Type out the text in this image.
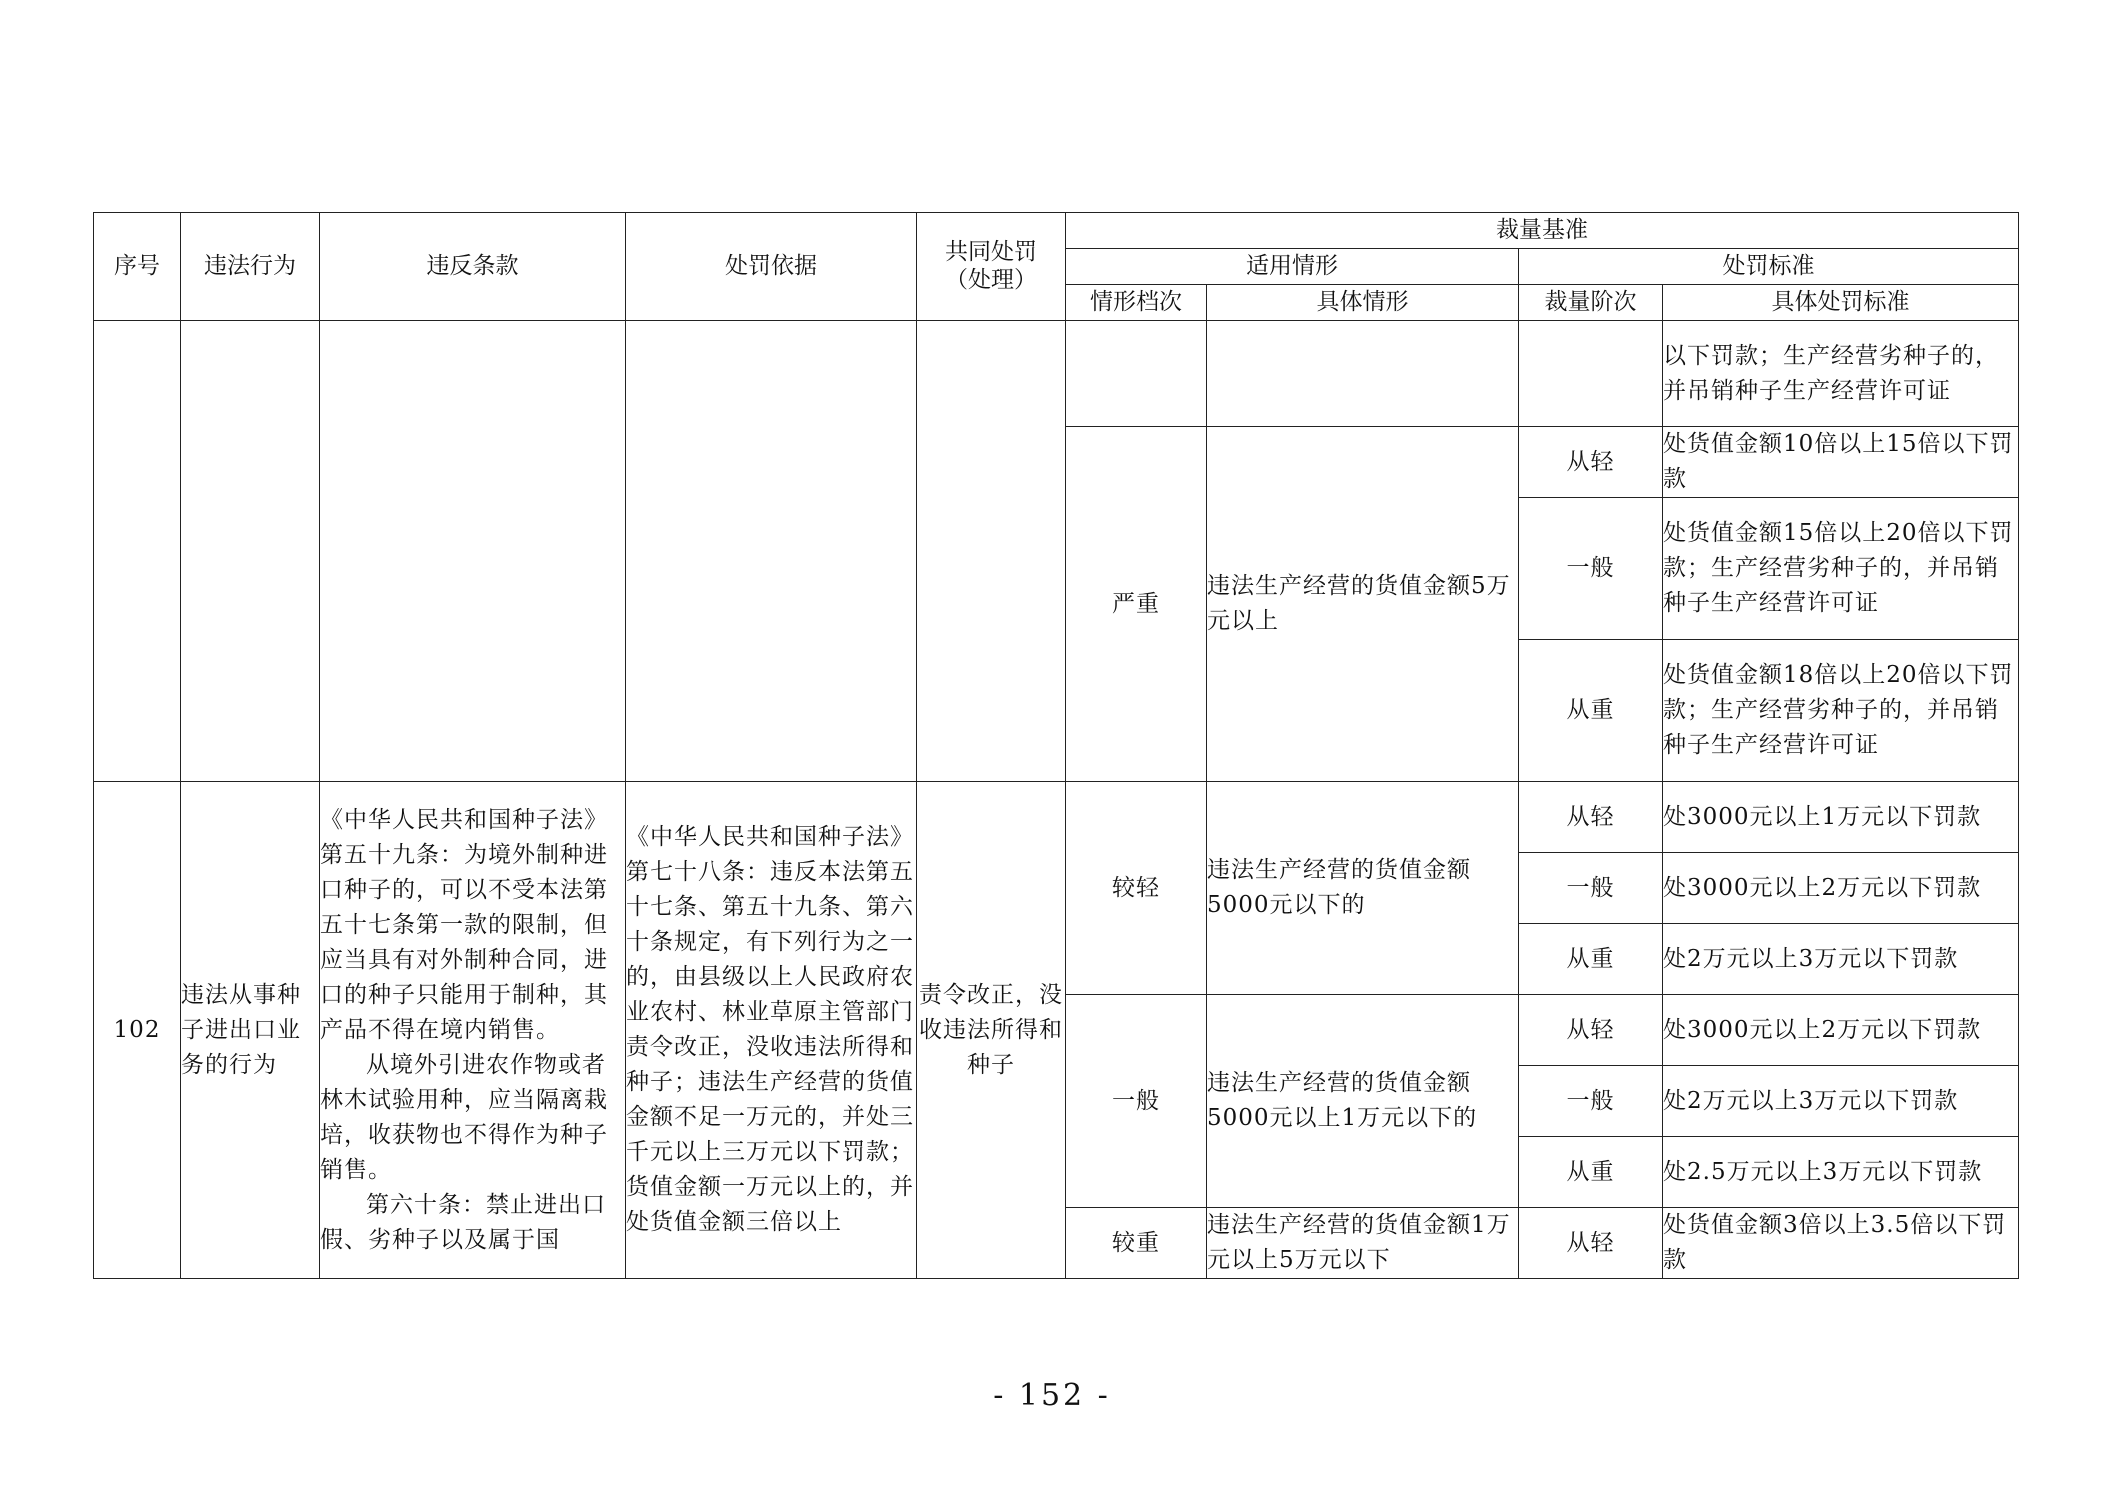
序号	违法行为	违反条款	处罚依据	共同处罚（处理）	裁量基准			
					适用情形		处罚标准	
					情形档次	具体情形	裁量阶次	具体处罚标准
								以下罚款；生产经营劣种子的，并吊销种子生产经营许可证
					严重	违法生产经营的货值金额5万元以上	从轻	处货值金额10倍以上15倍以下罚款
							一般	处货值金额15倍以上20倍以下罚款；生产经营劣种子的，并吊销种子生产经营许可证
							从重	处货值金额18倍以上20倍以下罚款；生产经营劣种子的，并吊销种子生产经营许可证
102	违法从事种子进出口业务的行为	《中华人民共和国种子法》第五十九条：为境外制种进口种子的，可以不受本法第五十七条第一款的限制，但应当具有对外制种合同，进口的种子只能用于制种，其产品不得在境内销售。
从境外引进农作物或者林木试验用种，应当隔离栽培，收获物也不得作为种子销售。
第六十条：禁止进出口假、劣种子以及属于国	《中华人民共和国种子法》第七十八条：违反本法第五十七条、第五十九条、第六十条规定，有下列行为之一的，由县级以上人民政府农业农村、林业草原主管部门责令改正，没收违法所得和种子；违法生产经营的货值金额不足一万元的，并处三千元以上三万元以下罚款；货值金额一万元以上的，并处货值金额三倍以上	责令改正，没收违法所得和种子	较轻	违法生产经营的货值金额5000元以下的	从轻	处3000元以上1万元以下罚款
							一般	处3000元以上2万元以下罚款
							从重	处2万元以上3万元以下罚款
					一般	违法生产经营的货值金额5000元以上1万元以下的	从轻	处3000元以上2万元以下罚款
							一般	处2万元以上3万元以下罚款
							从重	处2.5万元以上3万元以下罚款
					较重	违法生产经营的货值金额1万元以上5万元以下	从轻	处货值金额3倍以上3.5倍以下罚款
- 152 -
